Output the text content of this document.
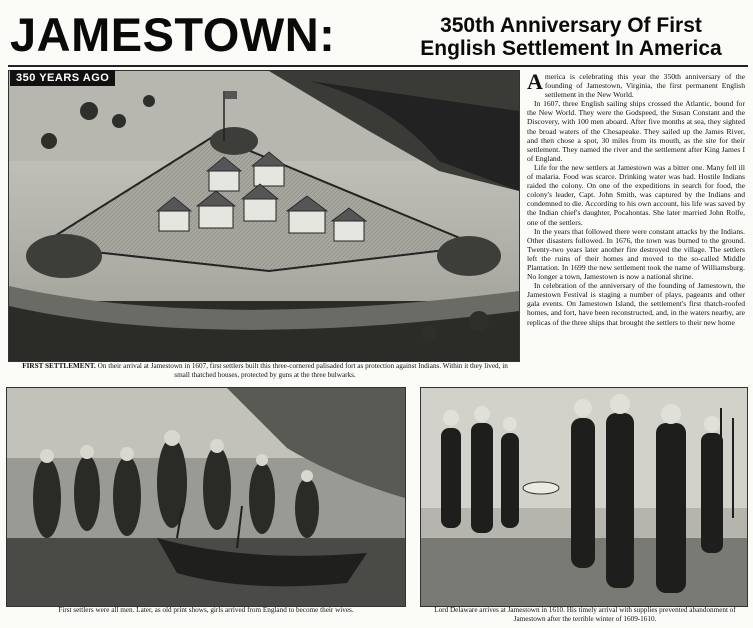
JAMESTOWN:	350th Anniversary Of First
English Settlement In America
350 YEARS AGO
FIRST SETTLEMENT. On their arrival at Jamestown in 1607, first settlers built this three-cornered palisaded fort as protection against Indians. Within it they lived, in small thatched houses, protected by guns at the three bulwarks.

America is celebrating this year the 350th anniversary of the founding of Jamestown, Virginia, the first permanent English settlement in the New World.

In 1607, three English sailing ships crossed the Atlantic, bound for the New World. They were the Godspeed, the Susan Constant and the Discovery, with 100 men aboard. After five months at sea, they sighted the broad waters of the Chesapeake. They sailed up the James River, and then chose a spot, 30 miles from its mouth, as the site for their settlement. They named the river and the settlement after King James I of England.

Life for the new settlers at Jamestown was a bitter one. Many fell ill of malaria. Food was scarce. Drinking water was bad. Hostile Indians raided the colony. On one of the expeditions in search for food, the colony's leader, Capt. John Smith, was captured by the Indians and condemned to die. According to his own account, his life was saved by the Indian chief's daughter, Pocahontas. She later married John Rolfe, one of the settlers.

In the years that followed there were constant attacks by the Indians. Other disasters followed. In 1676, the town was burned to the ground. Twenty-two years later another fire destroyed the village. The settlers left the ruins of their homes and moved to the so-called Middle Plantation. In 1699 the new settlement took the name of Williamsburg. No longer a town, Jamestown is now a national shrine.

In celebration of the anniversary of the founding of Jamestown, the Jamestown Festival is staging a number of plays, pageants and other gala events. On Jamestown Island, the settlement's first thatch-roofed homes, and fort, have been reconstructed, and, in the waters nearby, are replicas of the three ships that brought the settlers to their new home

First settlers were all men. Later, as old print shows, girls arrived from England to become their wives.	Lord Delaware arrives at Jamestown in 1610. His timely arrival with supplies prevented abandonment of Jamestown after the terrible winter of 1609-1610.
